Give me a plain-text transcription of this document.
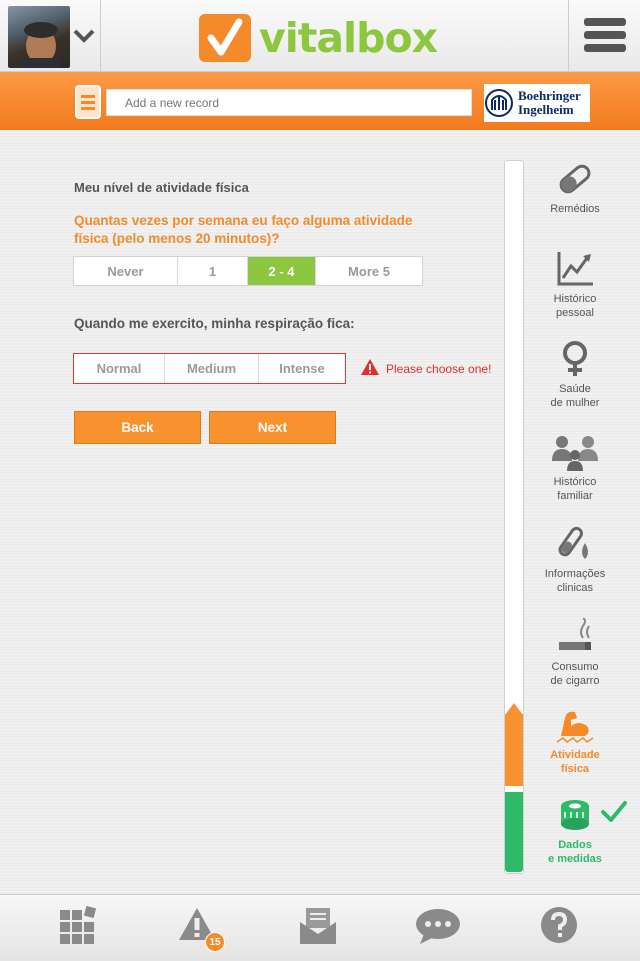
vitalbox
Add a new record
Boehringer
Ingelheim
Meu nível de atividade física
Quantas vezes por semana eu faço alguma atividade física (pelo menos 20 minutos)?
Never	1	2 - 4	More 5
Quando me exercito, minha respiração fica:
Normal	Medium	Intense	Please choose one!
Back	Next
Remédios
Histórico
pessoal
Saúde
de mulher
Histórico
familiar
Informações
clinicas
Consumo
de cigarro
Atividade
física
Dados
e medidas
15
